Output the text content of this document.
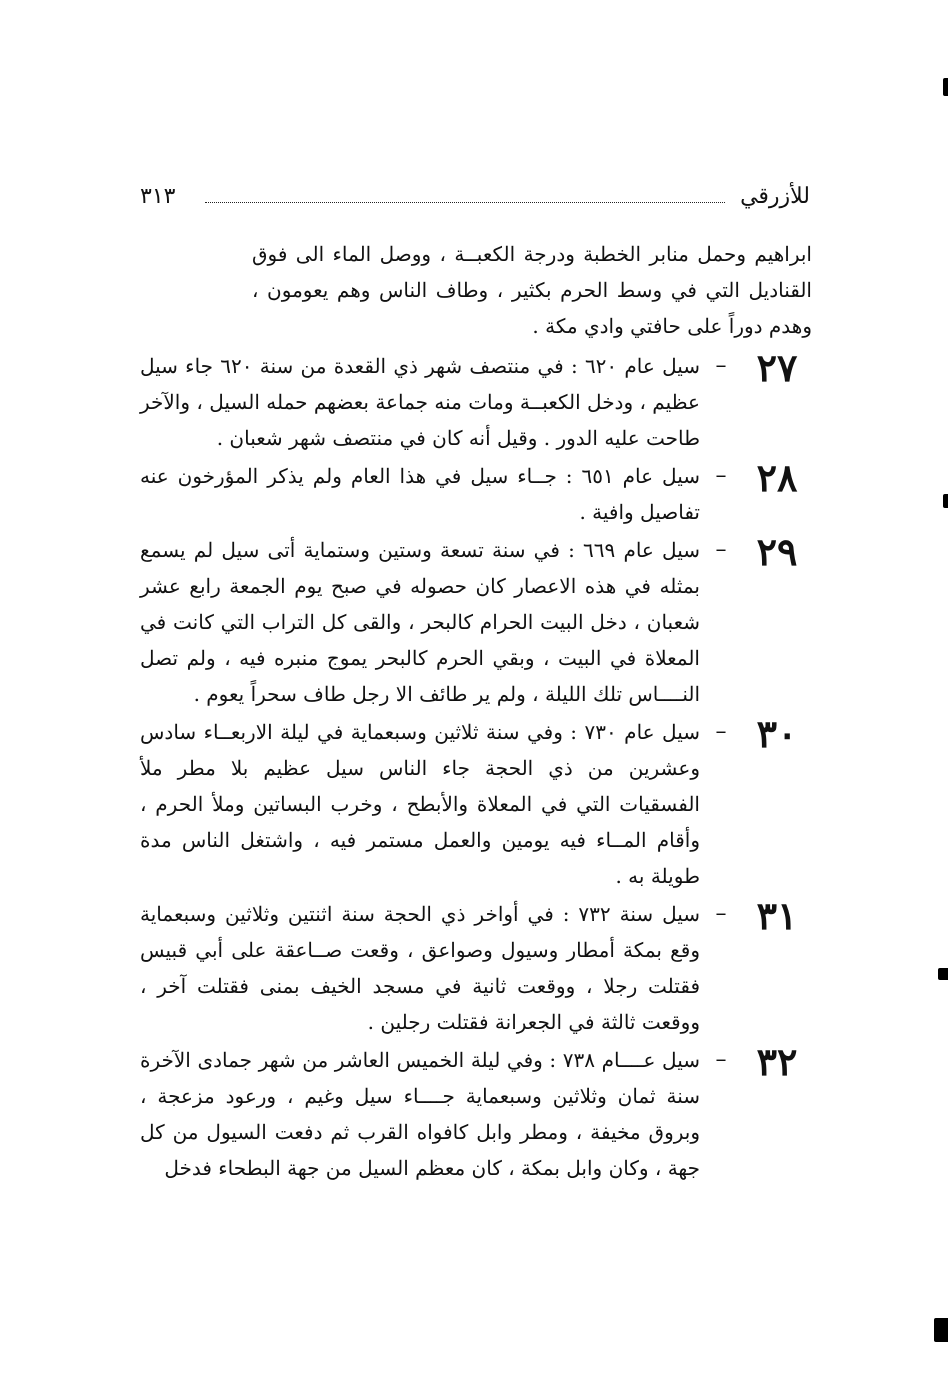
للأزرقي
٣١٣

ابراهيم وحمل منابر الخطبة ودرجة الكعبــة ، ووصل الماء الى فوق القناديل التي في وسط الحرم بكثير ، وطاف الناس وهم يعومون ، وهدم دوراً على حافتي وادي مكة .

٢٧
–
سيل عام ٦٢٠ : في منتصف شهر ذي القعدة من سنة ٦٢٠ جاء سيل عظيم ، ودخل الكعبــة ومات منه جماعة بعضهم حمله السيل ، والآخر طاحت عليه الدور . وقيل أنه كان في منتصف شهر شعبان .
٢٨
–
سيل عام ٦٥١ : جــاء سيل في هذا العام ولم يذكر المؤرخون عنه تفاصيل وافية .
٢٩
–
سيل عام ٦٦٩ : في سنة تسعة وستين وستماية أتى سيل لم يسمع بمثله في هذه الاعصار كان حصوله في صبح يوم الجمعة رابع عشر شعبان ، دخل البيت الحرام كالبحر ، والقى كل التراب التي كانت في المعلاة في البيت ، وبقي الحرم كالبحر يموج منبره فيه ، ولم تصل النــــاس تلك الليلة ، ولم ير طائف الا رجل طاف سحراً يعوم .
٣٠
–
سيل عام ٧٣٠ : وفي سنة ثلاثين وسبعماية في ليلة الاربعــاء سادس وعشرين من ذي الحجة جاء الناس سيل عظيم بلا مطر ملأ الفسقيات التي في المعلاة والأبطح ، وخرب البساتين وملأ الحرم ، وأقام المــاء فيه يومين والعمل مستمر فيه ، واشتغل الناس مدة طويلة به .
٣١
–
سيل سنة ٧٣٢ : في أواخر ذي الحجة سنة اثنتين وثلاثين وسبعماية وقع بمكة أمطار وسيول وصواعق ، وقعت صــاعقة على أبي قبيس فقتلت رجلا ، ووقعت ثانية في مسجد الخيف بمنى فقتلت آخر ، ووقعت ثالثة في الجعرانة فقتلت رجلين .
٣٢
–
سيل عــــام ٧٣٨ : وفي ليلة الخميس العاشر من شهر جمادى الآخرة سنة ثمان وثلاثين وسبعماية جــــاء سيل وغيم ، ورعود مزعجة ، وبروق مخيفة ، ومطر وابل كافواه القرب ثم دفعت السيول من كل جهة ، وكان وابل بمكة ، كان معظم السيل من جهة البطحاء فدخل
